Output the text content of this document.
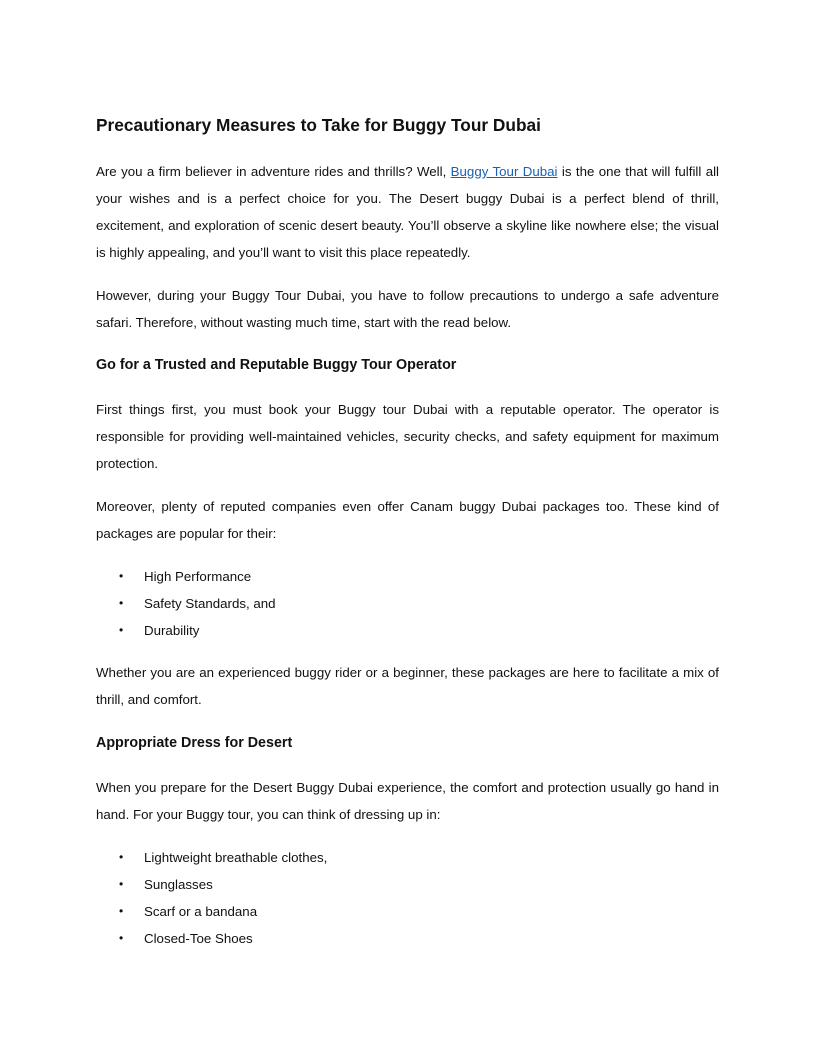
Precautionary Measures to Take for Buggy Tour Dubai

Are you a firm believer in adventure rides and thrills? Well, Buggy Tour Dubai is the one that will fulfill all your wishes and is a perfect choice for you. The Desert buggy Dubai is a perfect blend of thrill, excitement, and exploration of scenic desert beauty. You’ll observe a skyline like nowhere else; the visual is highly appealing, and you’ll want to visit this place repeatedly.

However, during your Buggy Tour Dubai, you have to follow precautions to undergo a safe adventure safari. Therefore, without wasting much time, start with the read below.

Go for a Trusted and Reputable Buggy Tour Operator

First things first, you must book your Buggy tour Dubai with a reputable operator. The operator is responsible for providing well-maintained vehicles, security checks, and safety equipment for maximum protection.

Moreover, plenty of reputed companies even offer Canam buggy Dubai packages too. These kind of packages are popular for their:

• High Performance
• Safety Standards, and
• Durability

Whether you are an experienced buggy rider or a beginner, these packages are here to facilitate a mix of thrill, and comfort.

Appropriate Dress for Desert

When you prepare for the Desert Buggy Dubai experience, the comfort and protection usually go hand in hand. For your Buggy tour, you can think of dressing up in:

• Lightweight breathable clothes,
• Sunglasses
• Scarf or a bandana
• Closed-Toe Shoes
